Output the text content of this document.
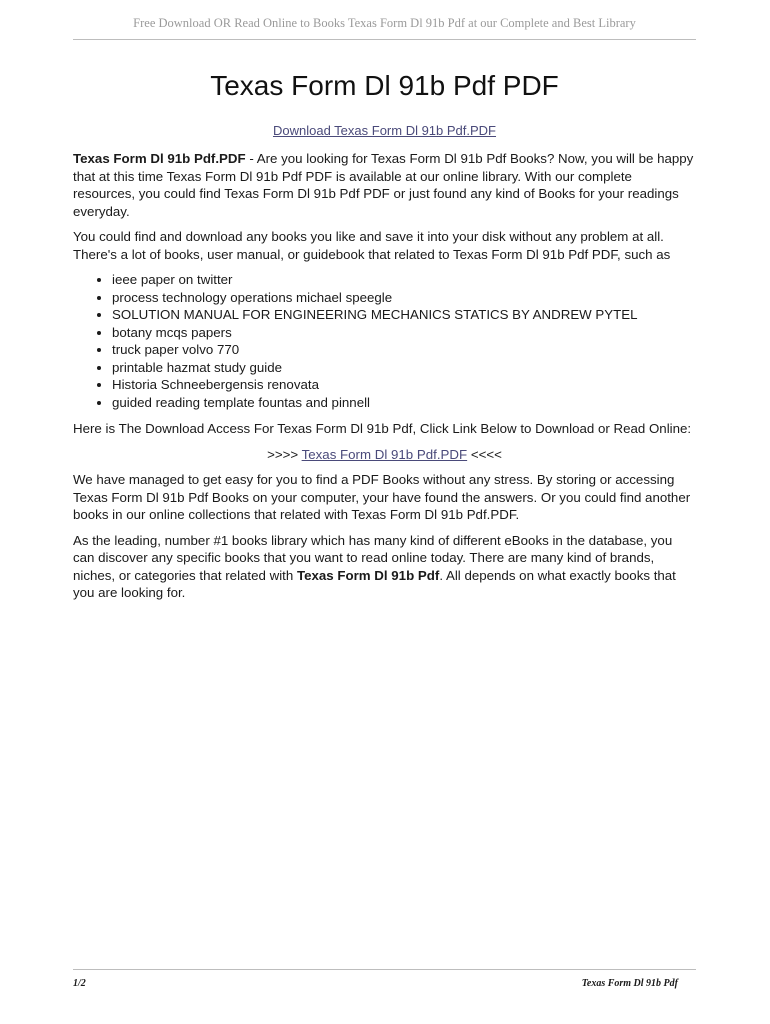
Free Download OR Read Online to Books Texas Form Dl 91b Pdf at our Complete and Best Library
Texas Form Dl 91b Pdf PDF
Download Texas Form Dl 91b Pdf.PDF

Texas Form Dl 91b Pdf.PDF - Are you looking for Texas Form Dl 91b Pdf Books? Now, you will be happy that at this time Texas Form Dl 91b Pdf PDF is available at our online library. With our complete resources, you could find Texas Form Dl 91b Pdf PDF or just found any kind of Books for your readings everyday.

You could find and download any books you like and save it into your disk without any problem at all. There's a lot of books, user manual, or guidebook that related to Texas Form Dl 91b Pdf PDF, such as

• ieee paper on twitter
• process technology operations michael speegle
• SOLUTION MANUAL FOR ENGINEERING MECHANICS STATICS BY ANDREW PYTEL
• botany mcqs papers
• truck paper volvo 770
• printable hazmat study guide
• Historia Schneebergensis renovata
• guided reading template fountas and pinnell

Here is The Download Access For Texas Form Dl 91b Pdf, Click Link Below to Download or Read Online:

>>>> Texas Form Dl 91b Pdf.PDF <<<<

We have managed to get easy for you to find a PDF Books without any stress. By storing or accessing Texas Form Dl 91b Pdf Books on your computer, your have found the answers. Or you could find another books in our online collections that related with Texas Form Dl 91b Pdf.PDF.

As the leading, number #1 books library which has many kind of different eBooks in the database, you can discover any specific books that you want to read online today. There are many kind of brands, niches, or categories that related with Texas Form Dl 91b Pdf. All depends on what exactly books that you are looking for.

1/2	Texas Form Dl 91b Pdf
